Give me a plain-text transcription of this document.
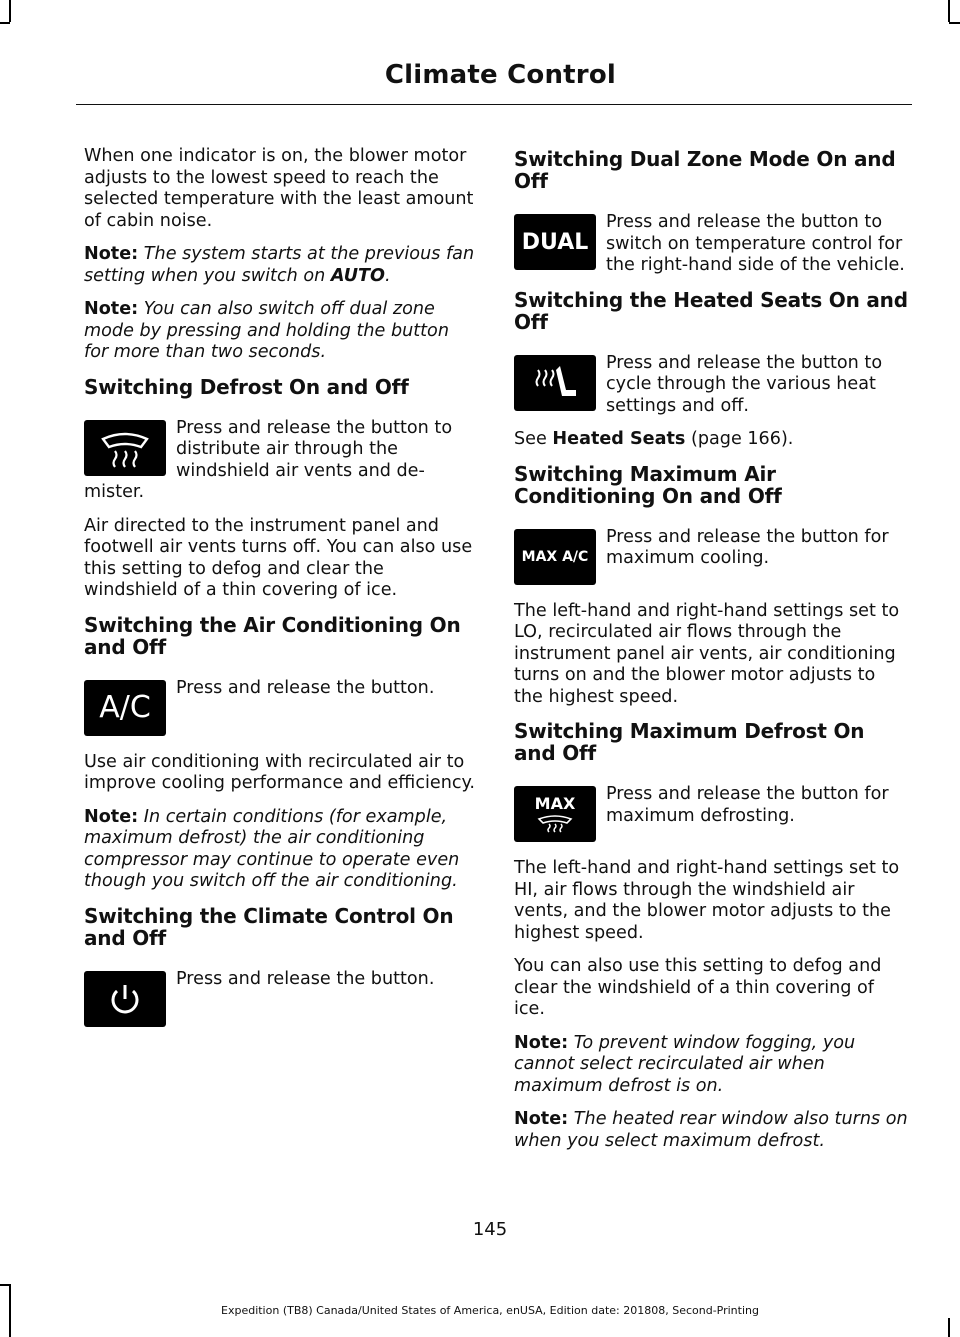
Climate Control

When one indicator is on, the blower motor adjusts to the lowest speed to reach the selected temperature with the least amount of cabin noise.

Note: The system starts at the previous fan setting when you switch on AUTO.

Note: You can also switch off dual zone mode by pressing and holding the button for more than two seconds.

Switching Defrost On and Off

Press and release the button to distribute air through the windshield air vents and de-mister.

Air directed to the instrument panel and footwell air vents turns off. You can also use this setting to defog and clear the windshield of a thin covering of ice.

Switching the Air Conditioning On and Off
A/C

Press and release the button.

Use air conditioning with recirculated air to improve cooling performance and efficiency.

Note: In certain conditions (for example, maximum defrost) the air conditioning compressor may continue to operate even though you switch off the air conditioning.

Switching the Climate Control On and Off

Press and release the button.

Switching Dual Zone Mode On and Off
DUAL

Press and release the button to switch on temperature control for the right-hand side of the vehicle.

Switching the Heated Seats On and Off

Press and release the button to cycle through the various heat settings and off.

See Heated Seats (page 166).

Switching Maximum Air Conditioning On and Off
MAX A/C

Press and release the button for maximum cooling.

The left-hand and right-hand settings set to LO, recirculated air flows through the instrument panel air vents, air conditioning turns on and the blower motor adjusts to the highest speed.

Switching Maximum Defrost On and Off
MAX	Press and release the button for maximum defrosting.

The left-hand and right-hand settings set to HI, air flows through the windshield air vents, and the blower motor adjusts to the highest speed.

You can also use this setting to defog and clear the windshield of a thin covering of ice.

Note: To prevent window fogging, you cannot select recirculated air when maximum defrost is on.

Note: The heated rear window also turns on when you select maximum defrost.

145
Expedition (TB8) Canada/United States of America, enUSA, Edition date: 201808, Second-Printing
